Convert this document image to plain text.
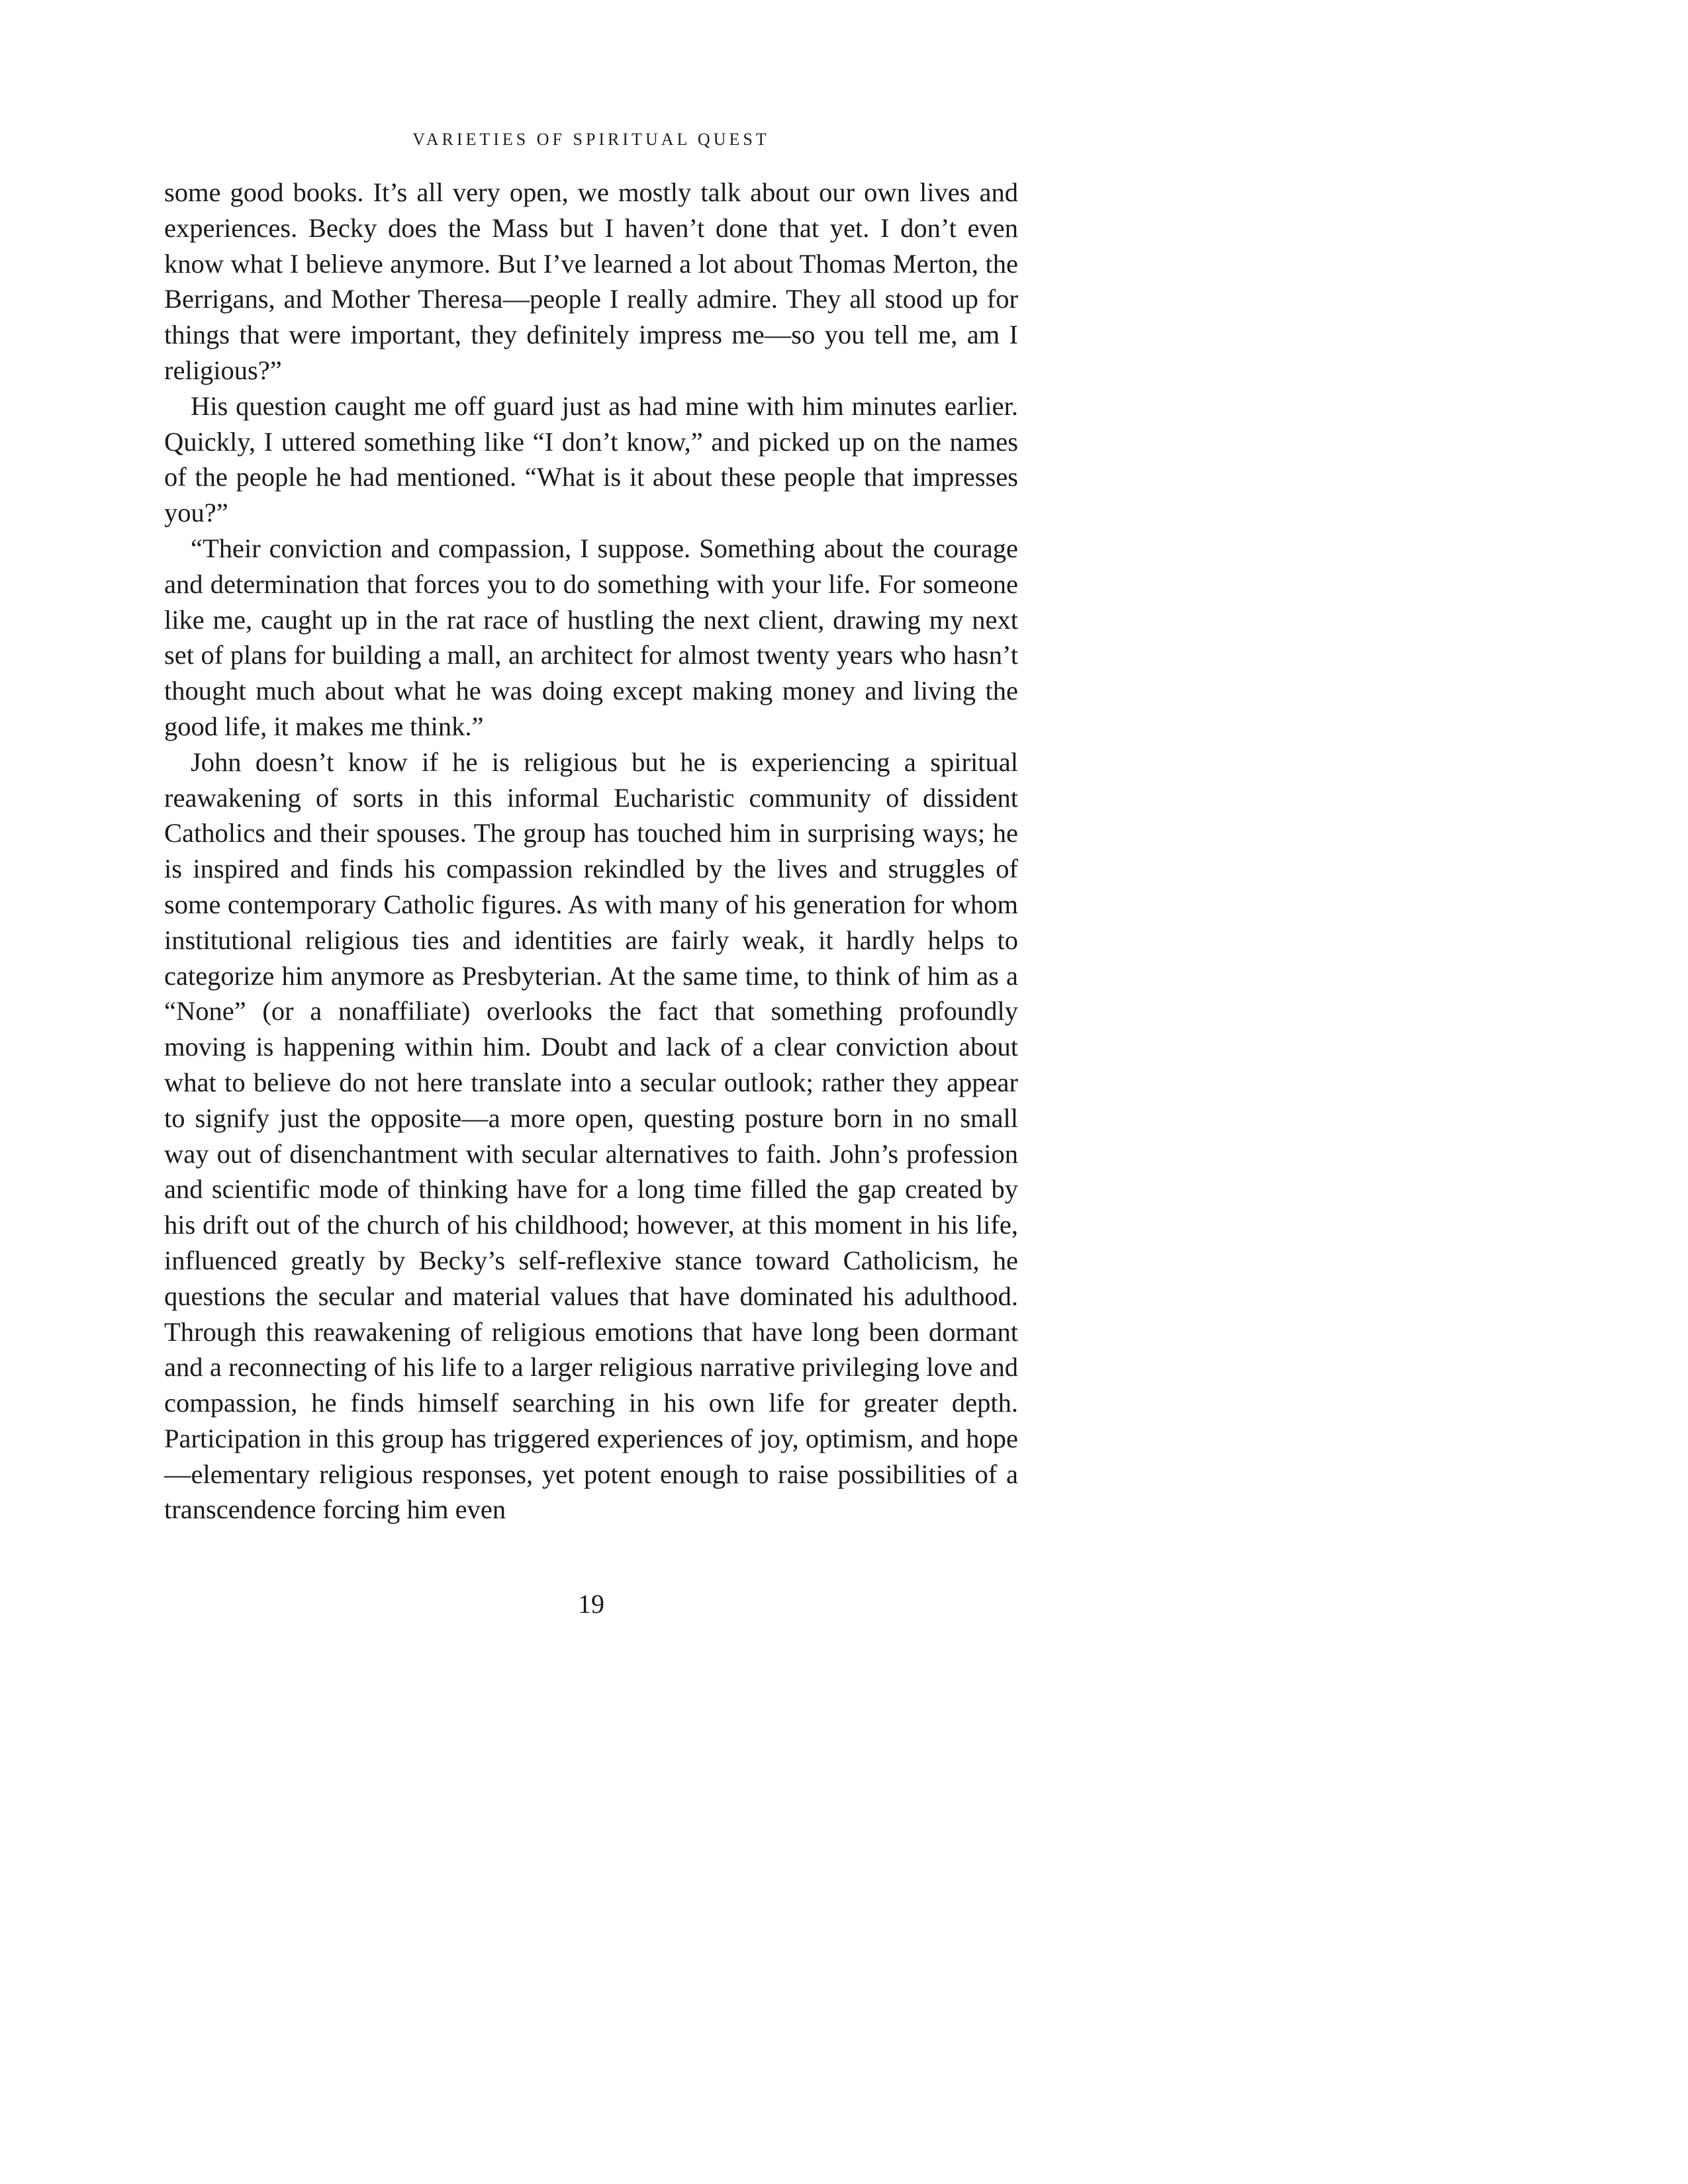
VARIETIES OF SPIRITUAL QUEST

some good books. It’s all very open, we mostly talk about our own lives and experiences. Becky does the Mass but I haven’t done that yet. I don’t even know what I believe anymore. But I’ve learned a lot about Thomas Merton, the Berrigans, and Mother Theresa—people I really admire. They all stood up for things that were important, they definitely impress me—so you tell me, am I religious?”

His question caught me off guard just as had mine with him minutes earlier. Quickly, I uttered something like “I don’t know,” and picked up on the names of the people he had mentioned. “What is it about these people that impresses you?”

“Their conviction and compassion, I suppose. Something about the courage and determination that forces you to do something with your life. For someone like me, caught up in the rat race of hustling the next client, drawing my next set of plans for building a mall, an architect for almost twenty years who hasn’t thought much about what he was doing except making money and living the good life, it makes me think.”

John doesn’t know if he is religious but he is experiencing a spiritual reawakening of sorts in this informal Eucharistic community of dissident Catholics and their spouses. The group has touched him in surprising ways; he is inspired and finds his compassion rekindled by the lives and struggles of some contemporary Catholic figures. As with many of his generation for whom institutional religious ties and identities are fairly weak, it hardly helps to categorize him anymore as Presbyterian. At the same time, to think of him as a “None” (or a nonaffiliate) overlooks the fact that something profoundly moving is happening within him. Doubt and lack of a clear conviction about what to believe do not here translate into a secular outlook; rather they appear to signify just the opposite—a more open, questing posture born in no small way out of disenchantment with secular alternatives to faith. John’s profession and scientific mode of thinking have for a long time filled the gap created by his drift out of the church of his childhood; however, at this moment in his life, influenced greatly by Becky’s self-reflexive stance toward Catholicism, he questions the secular and material values that have dominated his adulthood. Through this reawakening of religious emotions that have long been dormant and a reconnecting of his life to a larger religious narrative privileging love and compassion, he finds himself searching in his own life for greater depth. Participation in this group has triggered experiences of joy, optimism, and hope—elementary religious responses, yet potent enough to raise possibilities of a transcendence forcing him even

19
